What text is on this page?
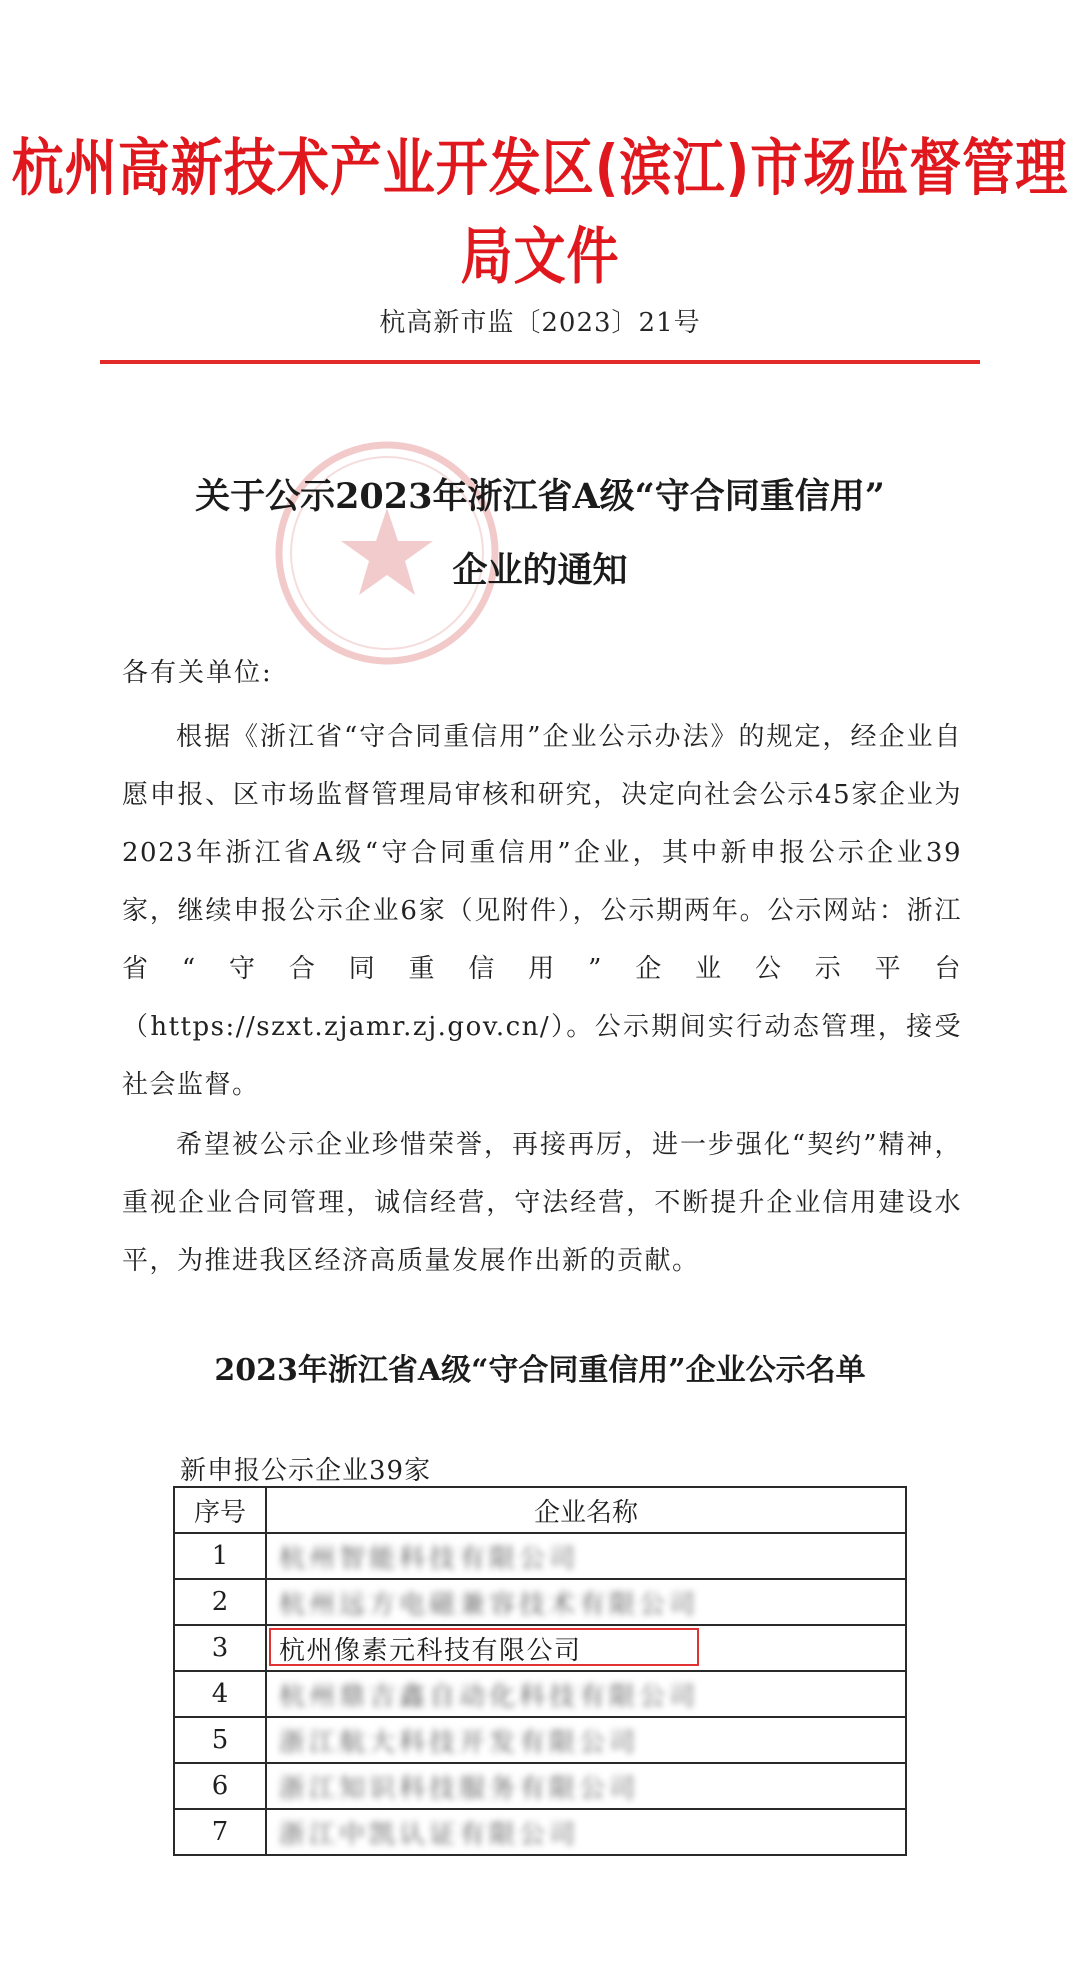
杭州高新技术产业开发区(滨江)市场监督管理局文件
杭高新市监〔2023〕21号
关于公示2023年浙江省A级“守合同重信用”
企业的通知
各有关单位:
根据《浙江省“守合同重信用”企业公示办法》的规定，经企业自愿申报、区市场监督管理局审核和研究，决定向社会公示45家企业为2023年浙江省A级“守合同重信用”企业，其中新申报公示企业39家，继续申报公示企业6家（见附件），公示期两年。公示网站：浙江省“守合同重信用”企业公示平台（https://szxt.zjamr.zj.gov.cn/）。公示期间实行动态管理，接受社会监督。
希望被公示企业珍惜荣誉，再接再厉，进一步强化“契约”精神，重视企业合同管理，诚信经营，守法经营，不断提升企业信用建设水平，为推进我区经济高质量发展作出新的贡献。
2023年浙江省A级“守合同重信用”企业公示名单
新申报公示企业39家
序号	企业名称
1	杭州智能科技有限公司
2	杭州远方电磁兼容技术有限公司
3	杭州像素元科技有限公司

4	杭州鼎吉鑫自动化科技有限公司
5	浙江航大科技开发有限公司
6	浙江知识科技服务有限公司
7	浙江中凯认证有限公司
